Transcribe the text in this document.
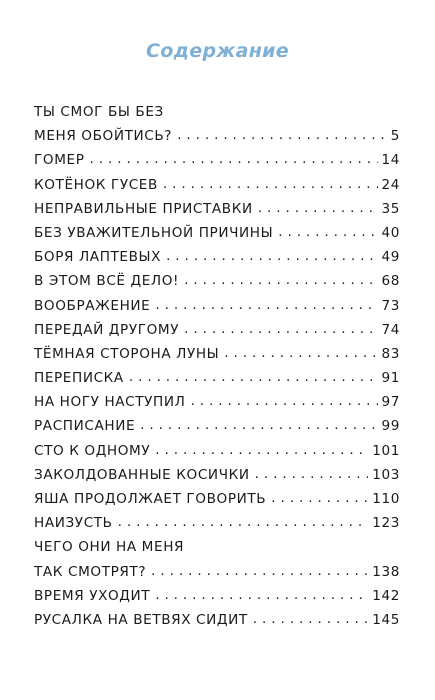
Содержание
ТЫ СМОГ БЫ БЕЗ
МЕНЯ ОБОЙТИСЬ? . . .	5
ГОМЕР . . .	14
КОТЁНОК ГУСЕВ . . .	24
НЕПРАВИЛЬНЫЕ ПРИСТАВКИ . . .	35
БЕЗ УВАЖИТЕЛЬНОЙ ПРИЧИНЫ . . .	40
БОРЯ ЛАПТЕВЫХ . . .	49
В ЭТОМ ВСЁ ДЕЛО! . . .	68
ВООБРАЖЕНИЕ . . .	73
ПЕРЕДАЙ ДРУГОМУ . . .	74
ТЁМНАЯ СТОРОНА ЛУНЫ . . .	83
ПЕРЕПИСКА . . .	91
НА НОГУ НАСТУПИЛ . . .	97
РАСПИСАНИЕ . . .	99
СТО К ОДНОМУ . . .	101
ЗАКОЛДОВАННЫЕ КОСИЧКИ . . .	103
ЯША ПРОДОЛЖАЕТ ГОВОРИТЬ . . .	110
НАИЗУСТЬ . . .	123
ЧЕГО ОНИ НА МЕНЯ
ТАК СМОТРЯТ? . . .	138
ВРЕМЯ УХОДИТ . . .	142
РУСАЛКА НА ВЕТВЯХ СИДИТ . . .	145
